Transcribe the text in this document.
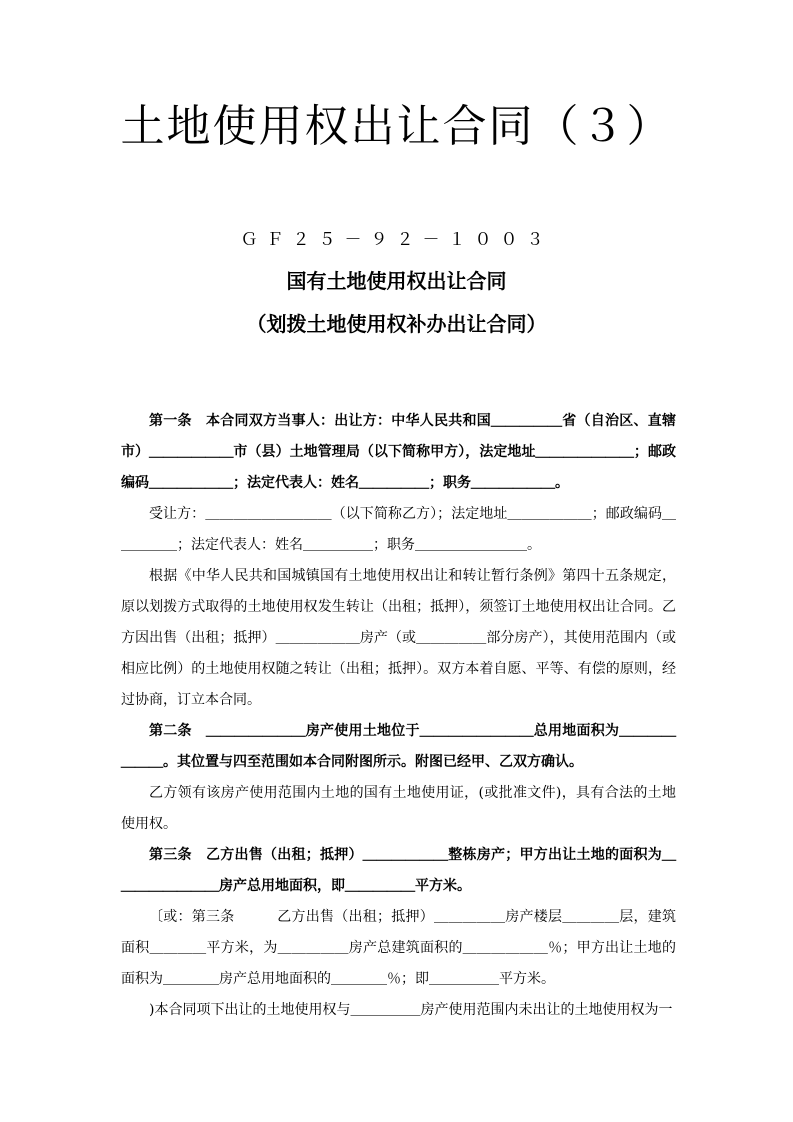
土地使用权出让合同（３）
ＧＦ２５－９２－１００３
国有土地使用权出让合同
（划拨土地使用权补办出让合同）

第一条　本合同双方当事人：出让方：中华人民共和国＿＿＿＿＿省（自治区、直辖市）＿＿＿＿＿＿市（县）土地管理局（以下简称甲方），法定地址＿＿＿＿＿＿＿；邮政编码＿＿＿＿＿＿；法定代表人：姓名＿＿＿＿＿；职务＿＿＿＿＿＿。

受让方：＿＿＿＿＿＿＿＿＿（以下简称乙方）；法定地址＿＿＿＿＿＿；邮政编码＿＿＿＿＿；法定代表人：姓名＿＿＿＿＿；职务＿＿＿＿＿＿＿＿。

根据《中华人民共和国城镇国有土地使用权出让和转让暂行条例》第四十五条规定，原以划拨方式取得的土地使用权发生转让（出租；抵押），须签订土地使用权出让合同。乙方因出售（出租；抵押）＿＿＿＿＿＿房产（或＿＿＿＿＿部分房产），其使用范围内（或相应比例）的土地使用权随之转让（出租；抵押）。双方本着自愿、平等、有偿的原则，经过协商，订立本合同。

第二条　＿＿＿＿＿＿＿房产使用土地位于＿＿＿＿＿＿＿＿总用地面积为＿＿＿＿＿＿＿。其位置与四至范围如本合同附图所示。附图已经甲、乙双方确认。

乙方领有该房产使用范围内土地的国有土地使用证，(或批准文件)，具有合法的土地使用权。

第三条　乙方出售（出租；抵押）＿＿＿＿＿＿整栋房产；甲方出让土地的面积为＿＿＿＿＿＿＿＿房产总用地面积，即＿＿＿＿＿平方米。

〔或：第三条　　　乙方出售（出租；抵押）＿＿＿＿＿房产楼层＿＿＿＿层，建筑面积＿＿＿＿平方米，为＿＿＿＿＿房产总建筑面积的＿＿＿＿＿＿％；甲方出让土地的面积为＿＿＿＿房产总用地面积的＿＿＿＿％；即＿＿＿＿＿平方米。

)本合同项下出让的土地使用权与＿＿＿＿＿房产使用范围内未出让的土地使用权为一
